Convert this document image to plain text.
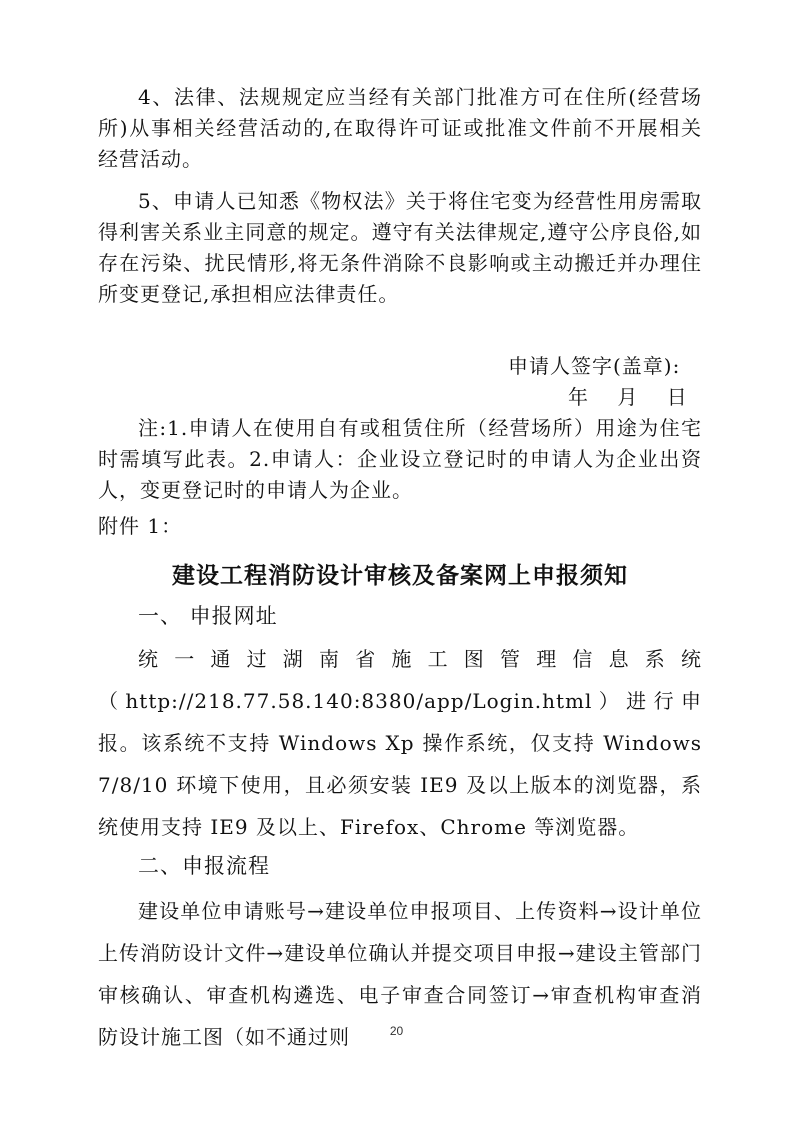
4、法律、法规规定应当经有关部门批准方可在住所(经营场所)从事相关经营活动的,在取得许可证或批准文件前不开展相关经营活动。

5、申请人已知悉《物权法》关于将住宅变为经营性用房需取得利害关系业主同意的规定。遵守有关法律规定,遵守公序良俗,如存在污染、扰民情形,将无条件消除不良影响或主动搬迁并办理住所变更登记,承担相应法律责任。

申请人签字(盖章):
年　 月　 日

注:1.申请人在使用自有或租赁住所（经营场所）用途为住宅时需填写此表。2.申请人：企业设立登记时的申请人为企业出资人，变更登记时的申请人为企业。

附件 1：
建设工程消防设计审核及备案网上申报须知
一、 申报网址

统一通过湖南省施工图管理信息系统（http://218.77.58.140:8380/app/Login.html）进行申报。该系统不支持 Windows Xp 操作系统，仅支持 Windows 7/8/10 环境下使用，且必须安装 IE9 及以上版本的浏览器，系统使用支持 IE9 及以上、Firefox、Chrome 等浏览器。

二、申报流程

建设单位申请账号→建设单位申报项目、上传资料→设计单位上传消防设计文件→建设单位确认并提交项目申报→建设主管部门审核确认、审查机构遴选、电子审查合同签订→审查机构审查消防设计施工图（如不通过则	20
